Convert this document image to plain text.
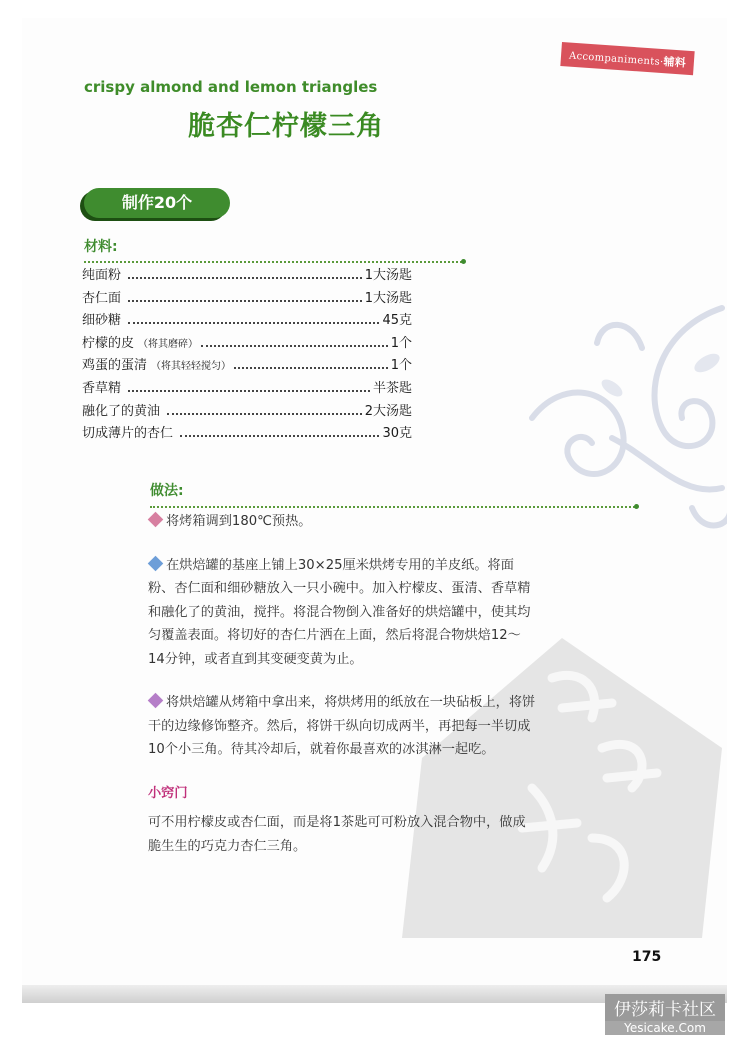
Accompaniments·辅料
crispy almond and lemon triangles
脆杏仁柠檬三角
制作20个
材料:
纯面粉	1大汤匙
杏仁面	1大汤匙
细砂糖	45克
柠檬的皮 （将其磨碎）	1个
鸡蛋的蛋清 （将其轻轻搅匀）	1个
香草精	半茶匙
融化了的黄油	2大汤匙
切成薄片的杏仁	30克
做法:
将烤箱调到180℃预热。
在烘焙罐的基座上铺上30×25厘米烘烤专用的羊皮纸。将面粉、杏仁面和细砂糖放入一只小碗中。加入柠檬皮、蛋清、香草精和融化了的黄油，搅拌。将混合物倒入准备好的烘焙罐中，使其均匀覆盖表面。将切好的杏仁片洒在上面，然后将混合物烘焙12～14分钟，或者直到其变硬变黄为止。
将烘焙罐从烤箱中拿出来，将烘烤用的纸放在一块砧板上，将饼干的边缘修饰整齐。然后，将饼干纵向切成两半，再把每一半切成10个小三角。待其冷却后，就着你最喜欢的冰淇淋一起吃。
小窍门
可不用柠檬皮或杏仁面，而是将1茶匙可可粉放入混合物中，做成脆生生的巧克力杏仁三角。
175
伊莎莉卡社区
Yesicake.Com
